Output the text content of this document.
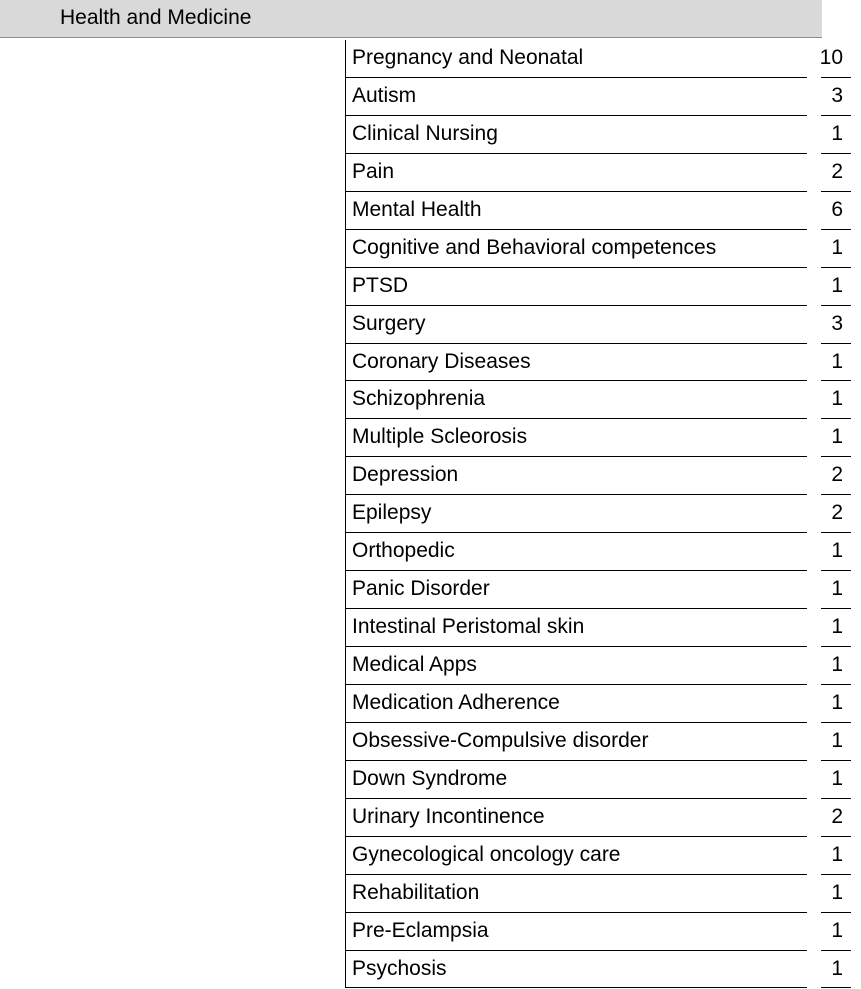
Health and Medicine
Pregnancy and Neonatal	10
Autism	3
Clinical Nursing	1
Pain	2
Mental Health	6
Cognitive and Behavioral competences	1
PTSD	1
Surgery	3
Coronary Diseases	1
Schizophrenia	1
Multiple Scleorosis	1
Depression	2
Epilepsy	2
Orthopedic	1
Panic Disorder	1
Intestinal Peristomal skin	1
Medical Apps	1
Medication Adherence	1
Obsessive-Compulsive disorder	1
Down Syndrome	1
Urinary Incontinence	2
Gynecological oncology care	1
Rehabilitation	1
Pre-Eclampsia	1
Psychosis	1
